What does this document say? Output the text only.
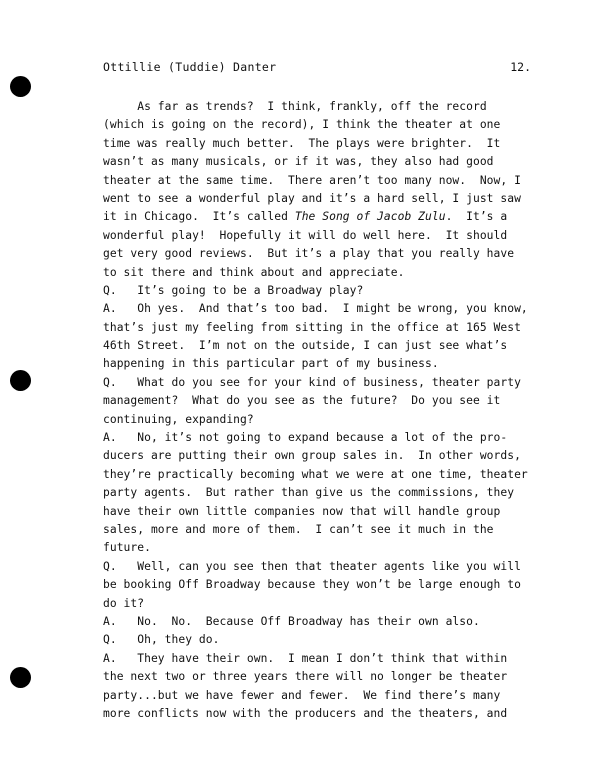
Ottillie (Tuddie) Danter	12.
As far as trends?  I think, frankly, off the record
(which is going on the record), I think the theater at one
time was really much better.  The plays were brighter.  It
wasn’t as many musicals, or if it was, they also had good
theater at the same time.  There aren’t too many now.  Now, I
went to see a wonderful play and it’s a hard sell, I just saw
it in Chicago.  It’s called The Song of Jacob Zulu.  It’s a
wonderful play!  Hopefully it will do well here.  It should
get very good reviews.  But it’s a play that you really have
to sit there and think about and appreciate.
Q.   It’s going to be a Broadway play?
A.   Oh yes.  And that’s too bad.  I might be wrong, you know,
that’s just my feeling from sitting in the office at 165 West
46th Street.  I’m not on the outside, I can just see what’s
happening in this particular part of my business.
Q.   What do you see for your kind of business, theater party
management?  What do you see as the future?  Do you see it
continuing, expanding?
A.   No, it’s not going to expand because a lot of the pro-
ducers are putting their own group sales in.  In other words,
they’re practically becoming what we were at one time, theater
party agents.  But rather than give us the commissions, they
have their own little companies now that will handle group
sales, more and more of them.  I can’t see it much in the
future.
Q.   Well, can you see then that theater agents like you will
be booking Off Broadway because they won’t be large enough to
do it?
A.   No.  No.  Because Off Broadway has their own also.
Q.   Oh, they do.
A.   They have their own.  I mean I don’t think that within
the next two or three years there will no longer be theater
party...but we have fewer and fewer.  We find there’s many
more conflicts now with the producers and the theaters, and
